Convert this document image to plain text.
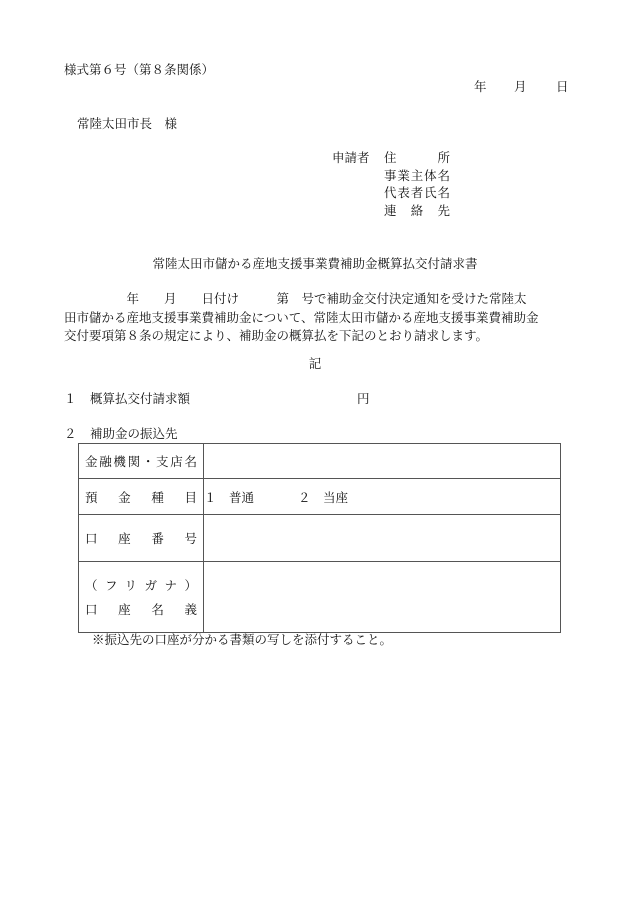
様式第６号（第８条関係）
年 月 日
常陸太田市長　様
申請者 住所
事業主体名
代表者氏名
連絡先
常陸太田市儲かる産地支援事業費補助金概算払交付請求書

　　　　　年　　月　　日付け　　　第　号で補助金交付決定通知を受けた常陸太

田市儲かる産地支援事業費補助金について、常陸太田市儲かる産地支援事業費補助金

交付要項第８条の規定により、補助金の概算払を下記のとおり請求します。

記
１ 概算払交付請求額	円
２ 補助金の振込先
金融機関・支店名	

預金種目	１　普通 ２　当座

口座番号	

（フリガナ）
口座名義	

※振込先の口座が分かる書類の写しを添付すること。
